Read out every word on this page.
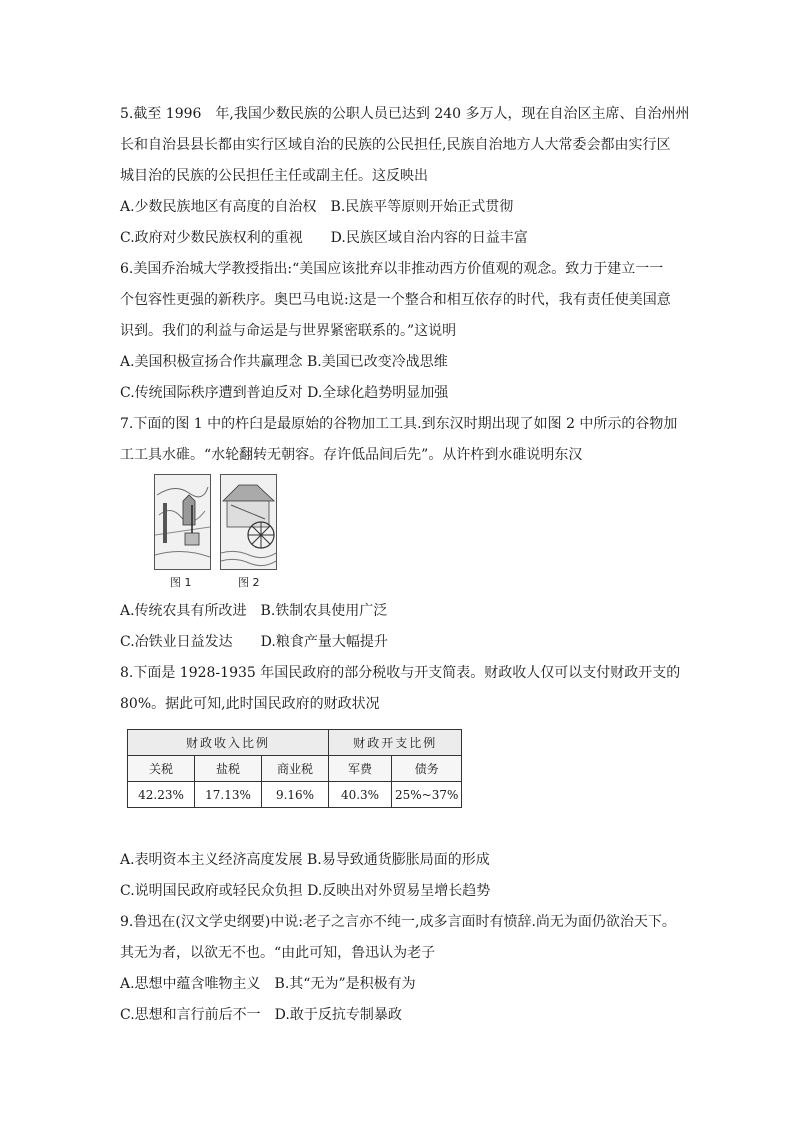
5.截至 1996　年,我国少数民族的公职人员已达到 240 多万人，现在自治区主席、自治州州
长和自治县县长都由实行区域自治的民族的公民担任,民族自治地方人大常委会都由实行区
城目治的民族的公民担任主任或副主任。这反映出
A.少数民族地区有高度的自治权　B.民族平等原则开始正式贯彻
C.政府对少数民族权利的重视　　D.民族区域自治内容的日益丰富
6.美国乔治城大学教授指出:“美国应该批弃以非推动西方价值观的观念。致力于建立一一
个包容性更强的新秩序。奥巴马电说:这是一个整合和相互依存的时代，我有责任使美国意
识到。我们的利益与命运是与世界紧密联系的。”这说明
A.美国积极宣扬合作共赢理念 B.美国已改变冷战思维
C.传统国际秩序遭到普迫反对 D.全球化趋势明显加强
7.下面的图 1 中的杵臼是最原始的谷物加工工具.到东汉时期出现了如图 2 中所示的谷物加
工工具水碓。“水轮翻转无朝容。存许低品间后先”。从许杵到水碓说明东汉
图 1	图 2
A.传统农具有所改进　B.铁制农具使用广泛
C.冶铁业日益发达　　D.粮食产量大幅提升
8.下面是 1928-1935 年国民政府的部分税收与开支简表。财政收人仅可以支付财政开支的
80%。据此可知,此时国民政府的财政状况
财政收入比例			财政开支比例	
关税	盐税	商业税	军费	债务
42.23%	17.13%	9.16%	40.3%	25%~37%
A.表明资本主义经济高度发展 B.易导致通货膨胀局面的形成
C.说明国民政府或轻民众负担 D.反映出对外贸易呈增长趋势
9.鲁迅在(汉文学史纲要)中说:老子之言亦不纯一,成多言面时有愤辞.尚无为面仍欲治天下。
其无为者，以欲无不也。“由此可知，鲁迅认为老子
A.思想中蕴含唯物主义　B.其“无为”是积极有为
C.思想和言行前后不一　D.敢于反抗专制暴政
